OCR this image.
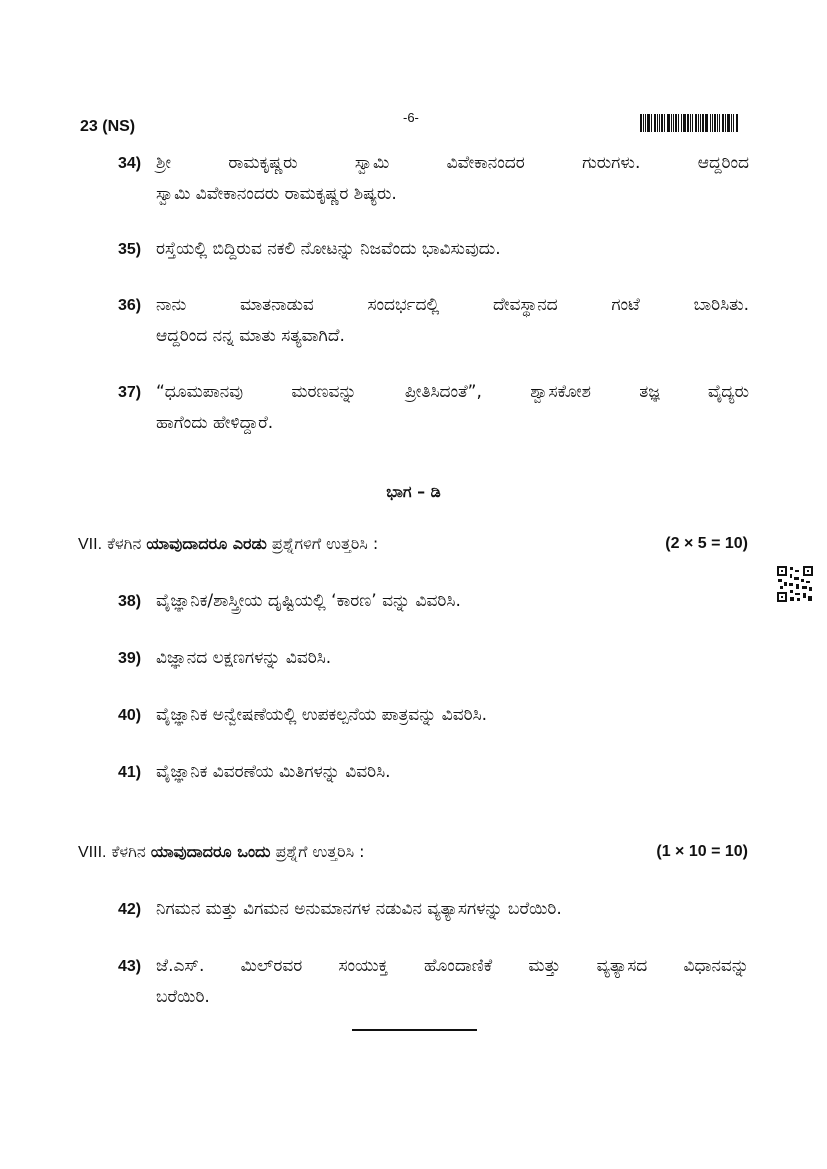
23 (NS)
-6-
34) ಶ್ರೀ ರಾಮಕೃಷ್ಣರು ಸ್ವಾಮಿ ವಿವೇಕಾನಂದರ ಗುರುಗಳು. ಆದ್ದರಿಂದ
ಸ್ವಾಮಿ ವಿವೇಕಾನಂದರು ರಾಮಕೃಷ್ಣರ ಶಿಷ್ಯರು.
35) ರಸ್ತೆಯಲ್ಲಿ ಬಿದ್ದಿರುವ ನಕಲಿ ನೋಟನ್ನು ನಿಜವೆಂದು ಭಾವಿಸುವುದು.
36) ನಾನು ಮಾತನಾಡುವ ಸಂದರ್ಭದಲ್ಲಿ ದೇವಸ್ಥಾನದ ಗಂಟೆ ಬಾರಿಸಿತು.
ಆದ್ದರಿಂದ ನನ್ನ ಮಾತು ಸತ್ಯವಾಗಿದೆ.
37) “ಧೂಮಪಾನವು ಮರಣವನ್ನು ಪ್ರೀತಿಸಿದಂತೆ”, ಶ್ವಾಸಕೋಶ ತಜ್ಞ ವೈದ್ಯರು
ಹಾಗೆಂದು ಹೇಳಿದ್ದಾರೆ.
ಭಾಗ – ಡಿ
VII. ಕೆಳಗಿನ ಯಾವುದಾದರೂ ಎರಡು ಪ್ರಶ್ನೆಗಳಿಗೆ ಉತ್ತರಿಸಿ :	(2 × 5 = 10)
38) ವೈಜ್ಞಾನಿಕ/ಶಾಸ್ತ್ರೀಯ ದೃಷ್ಟಿಯಲ್ಲಿ ‘ಕಾರಣ’ ವನ್ನು ವಿವರಿಸಿ.
39) ವಿಜ್ಞಾನದ ಲಕ್ಷಣಗಳನ್ನು ವಿವರಿಸಿ.
40) ವೈಜ್ಞಾನಿಕ ಅನ್ವೇಷಣೆಯಲ್ಲಿ ಉಪಕಲ್ಪನೆಯ ಪಾತ್ರವನ್ನು ವಿವರಿಸಿ.
41) ವೈಜ್ಞಾನಿಕ ವಿವರಣೆಯ ಮಿತಿಗಳನ್ನು ವಿವರಿಸಿ.
VIII. ಕೆಳಗಿನ ಯಾವುದಾದರೂ ಒಂದು ಪ್ರಶ್ನೆಗೆ ಉತ್ತರಿಸಿ :	(1 × 10 = 10)
42) ನಿಗಮನ ಮತ್ತು ವಿಗಮನ ಅನುಮಾನಗಳ ನಡುವಿನ ವ್ಯತ್ಯಾಸಗಳನ್ನು ಬರೆಯಿರಿ.
43) ಜೆ.ಎಸ್. ಮಿಲ್‌ರವರ ಸಂಯುಕ್ತ ಹೊಂದಾಣಿಕೆ ಮತ್ತು ವ್ಯತ್ಯಾಸದ ವಿಧಾನವನ್ನು
ಬರೆಯಿರಿ.
